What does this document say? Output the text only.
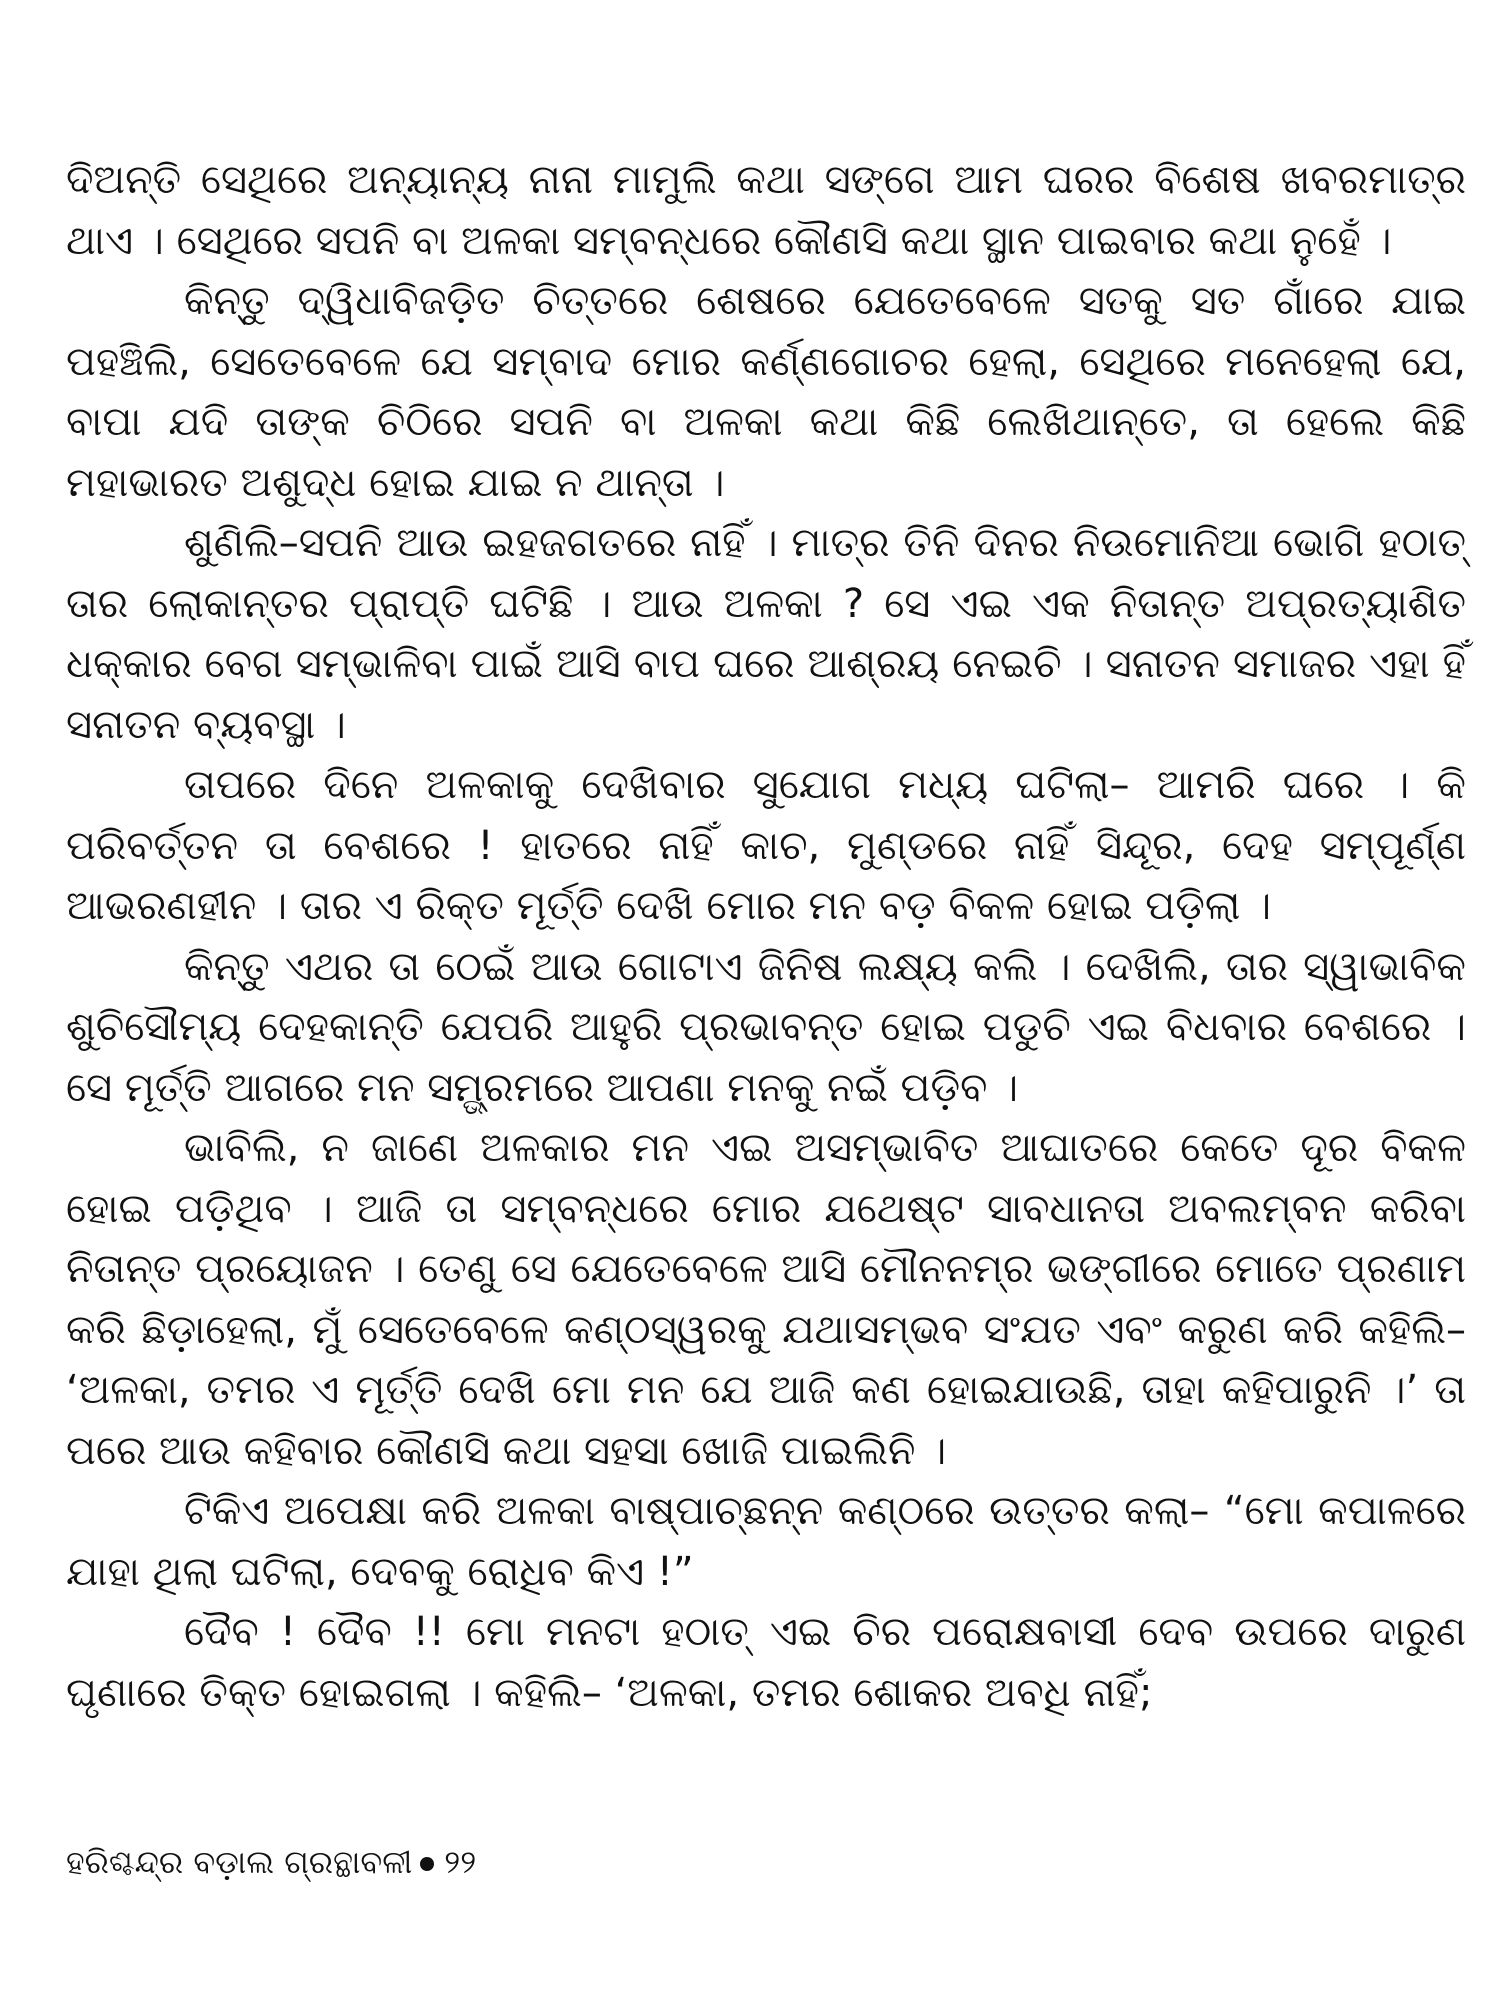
ଦିଅନ୍ତି ସେଥିରେ ଅନ୍ୟାନ୍ୟ ନାନା ମାମୁଲି କଥା ସଙ୍ଗେ ଆମ ଘରର ବିଶେଷ ଖବରମାତ୍ର ଥାଏ । ସେଥିରେ ସପନି ବା ଅଳକା ସମ୍ବନ୍ଧରେ କୌଣସି କଥା ସ୍ଥାନ ପାଇବାର କଥା ନୁହେଁ ।

କିନ୍ତୁ ଦ୍ୱିଧାବିଜଡ଼ିତ ଚିତ୍ତରେ ଶେଷରେ ଯେତେବେଳେ ସତକୁ ସତ ଗାଁରେ ଯାଇ ପହଞ୍ଚିଲି, ସେତେବେଳେ ଯେ ସମ୍ବାଦ ମୋର କର୍ଣ୍ଣଗୋଚର ହେଲା, ସେଥିରେ ମନେହେଲା ଯେ, ବାପା ଯଦି ତାଙ୍କ ଚିଠିରେ ସପନି ବା ଅଳକା କଥା କିଛି ଲେଖିଥାନ୍ତେ, ତା ହେଲେ କିଛି ମହାଭାରତ ଅଶୁଦ୍ଧ ହୋଇ ଯାଇ ନ ଥାନ୍ତା ।

ଶୁଣିଲି–ସପନି ଆଉ ଇହଜଗତରେ ନାହିଁ । ମାତ୍ର ତିନି ଦିନର ନିଉମୋନିଆ ଭୋଗି ହଠାତ୍ ତାର ଲୋକାନ୍ତର ପ୍ରାପ୍ତି ଘଟିଛି । ଆଉ ଅଳକା ? ସେ ଏଇ ଏକ ନିତାନ୍ତ ଅପ୍ରତ୍ୟାଶିତ ଧକ୍କାର ବେଗ ସମ୍ଭାଳିବା ପାଇଁ ଆସି ବାପ ଘରେ ଆଶ୍ରୟ ନେଇଚି । ସନାତନ ସମାଜର ଏହା ହିଁ ସନାତନ ବ୍ୟବସ୍ଥା ।

ତାପରେ ଦିନେ ଅଳକାକୁ ଦେଖିବାର ସୁଯୋଗ ମଧ୍ୟ ଘଟିଲା– ଆମରି ଘରେ । କି ପରିବର୍ତ୍ତନ ତା ବେଶରେ ! ହାତରେ ନାହିଁ କାଚ, ମୁଣ୍ଡରେ ନାହିଁ ସିନ୍ଦୂର, ଦେହ ସମ୍ପୂର୍ଣ୍ଣ ଆଭରଣହୀନ । ତାର ଏ ରିକ୍ତ ମୂର୍ତ୍ତି ଦେଖି ମୋର ମନ ବଡ଼ ବିକଳ ହୋଇ ପଡ଼ିଲା ।

କିନ୍ତୁ ଏଥର ତା ଠେଇଁ ଆଉ ଗୋଟାଏ ଜିନିଷ ଲକ୍ଷ୍ୟ କଲି । ଦେଖିଲି, ତାର ସ୍ୱାଭାବିକ ଶୁଚିସୌମ୍ୟ ଦେହକାନ୍ତି ଯେପରି ଆହୁରି ପ୍ରଭାବନ୍ତ ହୋଇ ପଡୁଚି ଏଇ ବିଧବାର ବେଶରେ । ସେ ମୂର୍ତ୍ତି ଆଗରେ ମନ ସମ୍ଭ୍ରମରେ ଆପଣା ମନକୁ ନଇଁ ପଡ଼ିବ ।

ଭାବିଲି, ନ ଜାଣେ ଅଳକାର ମନ ଏଇ ଅସମ୍ଭାବିତ ଆଘାତରେ କେତେ ଦୂର ବିକଳ ହୋଇ ପଡ଼ିଥିବ । ଆଜି ତା ସମ୍ବନ୍ଧରେ ମୋର ଯଥେଷ୍ଟ ସାବଧାନତା ଅବଲମ୍ବନ କରିବା ନିତାନ୍ତ ପ୍ରୟୋଜନ । ତେଣୁ ସେ ଯେତେବେଳେ ଆସି ମୌନନମ୍ର ଭଙ୍ଗୀରେ ମୋତେ ପ୍ରଣାମ କରି ଛିଡ଼ାହେଲା, ମୁଁ ସେତେବେଳେ କଣ୍ଠସ୍ୱରକୁ ଯଥାସମ୍ଭବ ସଂଯତ ଏବଂ କରୁଣ କରି କହିଲି– ‘ଅଳକା, ତମର ଏ ମୂର୍ତ୍ତି ଦେଖି ମୋ ମନ ଯେ ଆଜି କଣ ହୋଇଯାଉଛି, ତାହା କହିପାରୁନି ।’ ତା ପରେ ଆଉ କହିବାର କୌଣସି କଥା ସହସା ଖୋଜି ପାଇଲିନି ।

ଟିକିଏ ଅପେକ୍ଷା କରି ଅଳକା ବାଷ୍ପାଚ୍ଛନ୍ନ କଣ୍ଠରେ ଉତ୍ତର କଲା– “ମୋ କପାଳରେ ଯାହା ଥିଲା ଘଟିଲା, ଦେବକୁ ରୋଧିବ କିଏ !”

ଦୈବ ! ଦୈବ !! ମୋ ମନଟା ହଠାତ୍ ଏଇ ଚିର ପରୋକ୍ଷବାସୀ ଦେବ ଉପରେ ଦାରୁଣ ଘୃଣାରେ ତିକ୍ତ ହୋଇଗଲା । କହିଲି– ‘ଅଳକା, ତମର ଶୋକର ଅବଧି ନାହିଁ;

ହରିଶ୍ଚନ୍ଦ୍ର ବଡ଼ାଲ ଗ୍ରନ୍ଥାବଳୀ ୨୨
